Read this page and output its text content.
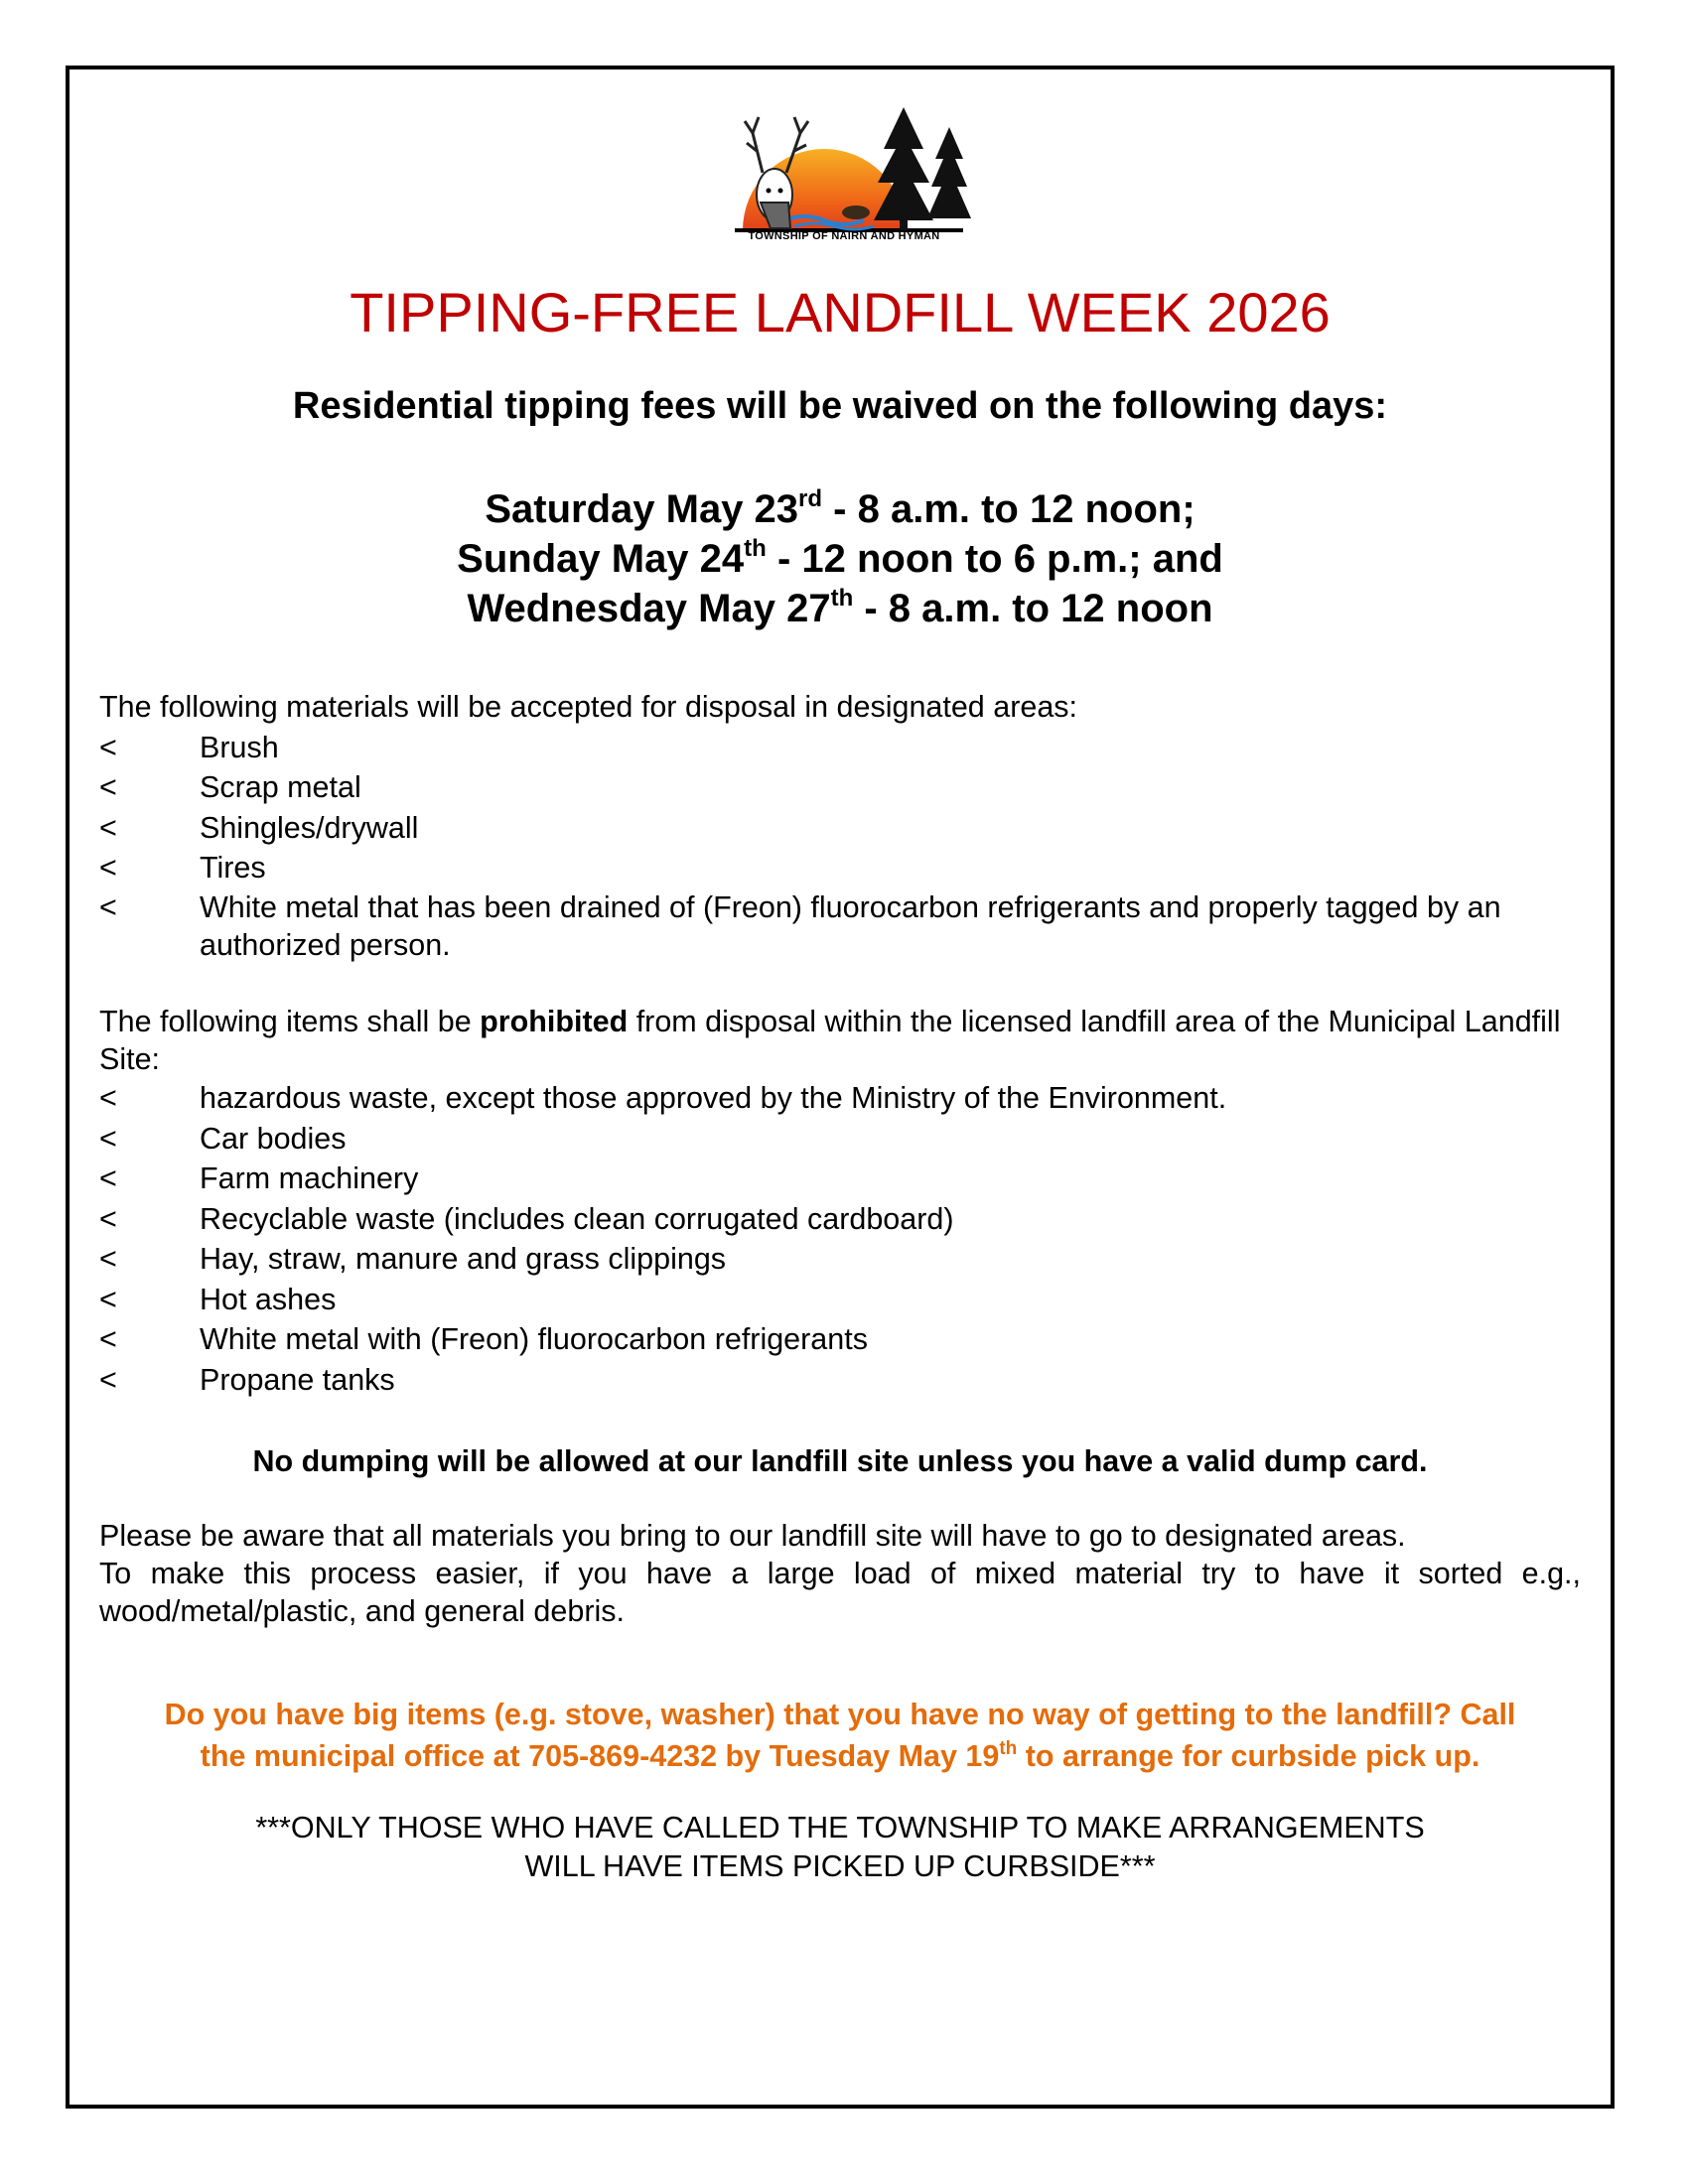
TOWNSHIP OF NAIRN AND HYMAN
TIPPING-FREE LANDFILL WEEK 2026
Residential tipping fees will be waived on the following days:
Saturday May 23rd - 8 a.m. to 12 noon;
Sunday May 24th - 12 noon to 6 p.m.; and
Wednesday May 27th - 8 a.m. to 12 noon
The following materials will be accepted for disposal in designated areas:
<	Brush
<	Scrap metal
<	Shingles/drywall
<	Tires
<	White metal that has been drained of (Freon) fluorocarbon refrigerants and properly tagged by an authorized person.
The following items shall be prohibited from disposal within the licensed landfill area of the Municipal Landfill Site:
<	hazardous waste, except those approved by the Ministry of the Environment.
<	Car bodies
<	Farm machinery
<	Recyclable waste (includes clean corrugated cardboard)
<	Hay, straw, manure and grass clippings
<	Hot ashes
<	White metal with (Freon) fluorocarbon refrigerants
<	Propane tanks
No dumping will be allowed at our landfill site unless you have a valid dump card.
Please be aware that all materials you bring to our landfill site will have to go to designated areas.
To make this process easier, if you have a large load of mixed material try to have it sorted e.g., wood/metal/plastic, and general debris.
Do you have big items (e.g. stove, washer) that you have no way of getting to the landfill? Call
the municipal office at 705-869-4232 by Tuesday May 19th to arrange for curbside pick up.
***ONLY THOSE WHO HAVE CALLED THE TOWNSHIP TO MAKE ARRANGEMENTS
WILL HAVE ITEMS PICKED UP CURBSIDE***
